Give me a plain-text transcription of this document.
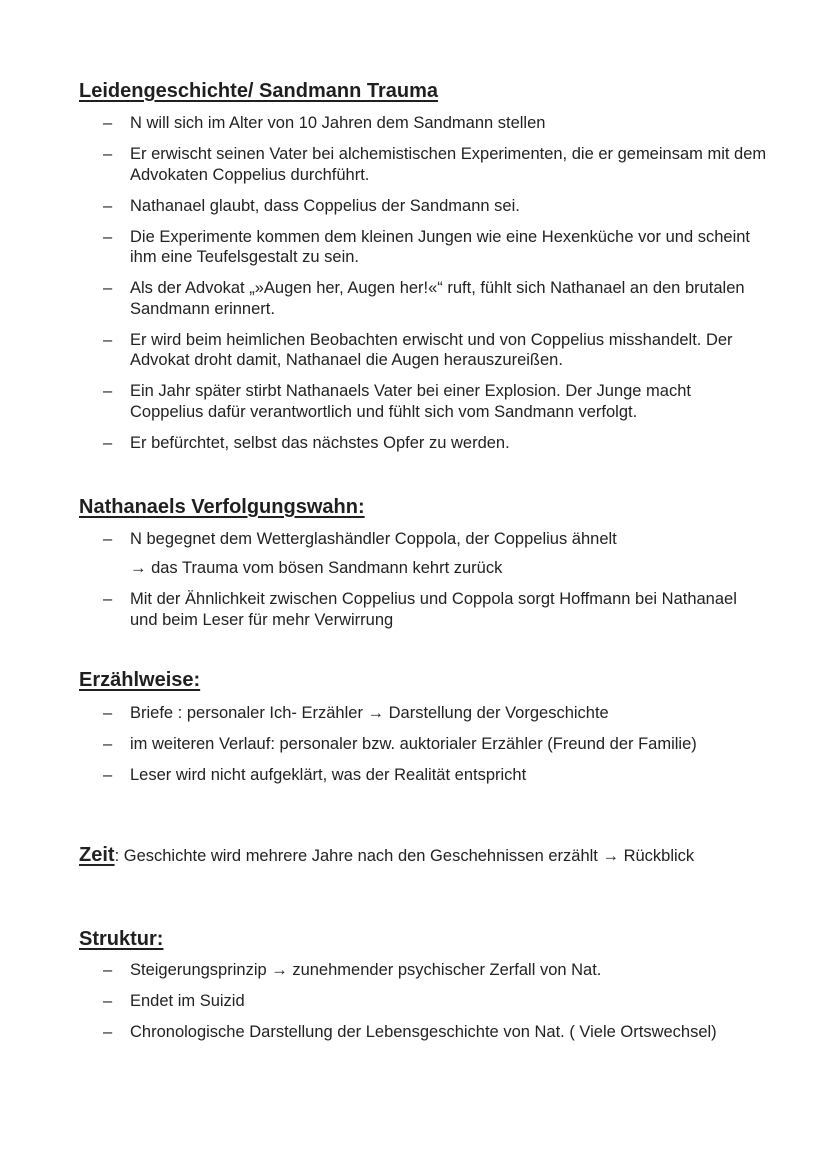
Leidengeschichte/ Sandmann Trauma
– N will sich im Alter von 10 Jahren dem Sandmann stellen
– Er erwischt seinen Vater bei alchemistischen Experimenten, die er gemeinsam mit dem Advokaten Coppelius durchführt.
– Nathanael glaubt, dass Coppelius der Sandmann sei.
– Die Experimente kommen dem kleinen Jungen wie eine Hexenküche vor und scheint ihm eine Teufelsgestalt zu sein.
– Als der Advokat „»Augen her, Augen her!«“ ruft, fühlt sich Nathanael an den brutalen Sandmann erinnert.
– Er wird beim heimlichen Beobachten erwischt und von Coppelius misshandelt. Der Advokat droht damit, Nathanael die Augen herauszureißen.
– Ein Jahr später stirbt Nathanaels Vater bei einer Explosion. Der Junge macht Coppelius dafür verantwortlich und fühlt sich vom Sandmann verfolgt.
– Er befürchtet, selbst das nächstes Opfer zu werden.
Nathanaels Verfolgungswahn:
– N begegnet dem Wetterglashändler Coppola, der Coppelius ähnelt
→ das Trauma vom bösen Sandmann kehrt zurück
– Mit der Ähnlichkeit zwischen Coppelius und Coppola sorgt Hoffmann bei Nathanael und beim Leser für mehr Verwirrung
Erzählweise:
– Briefe : personaler Ich- Erzähler → Darstellung der Vorgeschichte
– im weiteren Verlauf: personaler bzw. auktorialer Erzähler (Freund der Familie)
– Leser wird nicht aufgeklärt, was der Realität entspricht

Zeit: Geschichte wird mehrere Jahre nach den Geschehnissen erzählt → Rückblick

Struktur:
– Steigerungsprinzip → zunehmender psychischer Zerfall von Nat.
– Endet im Suizid
– Chronologische Darstellung der Lebensgeschichte von Nat. ( Viele Ortswechsel)
